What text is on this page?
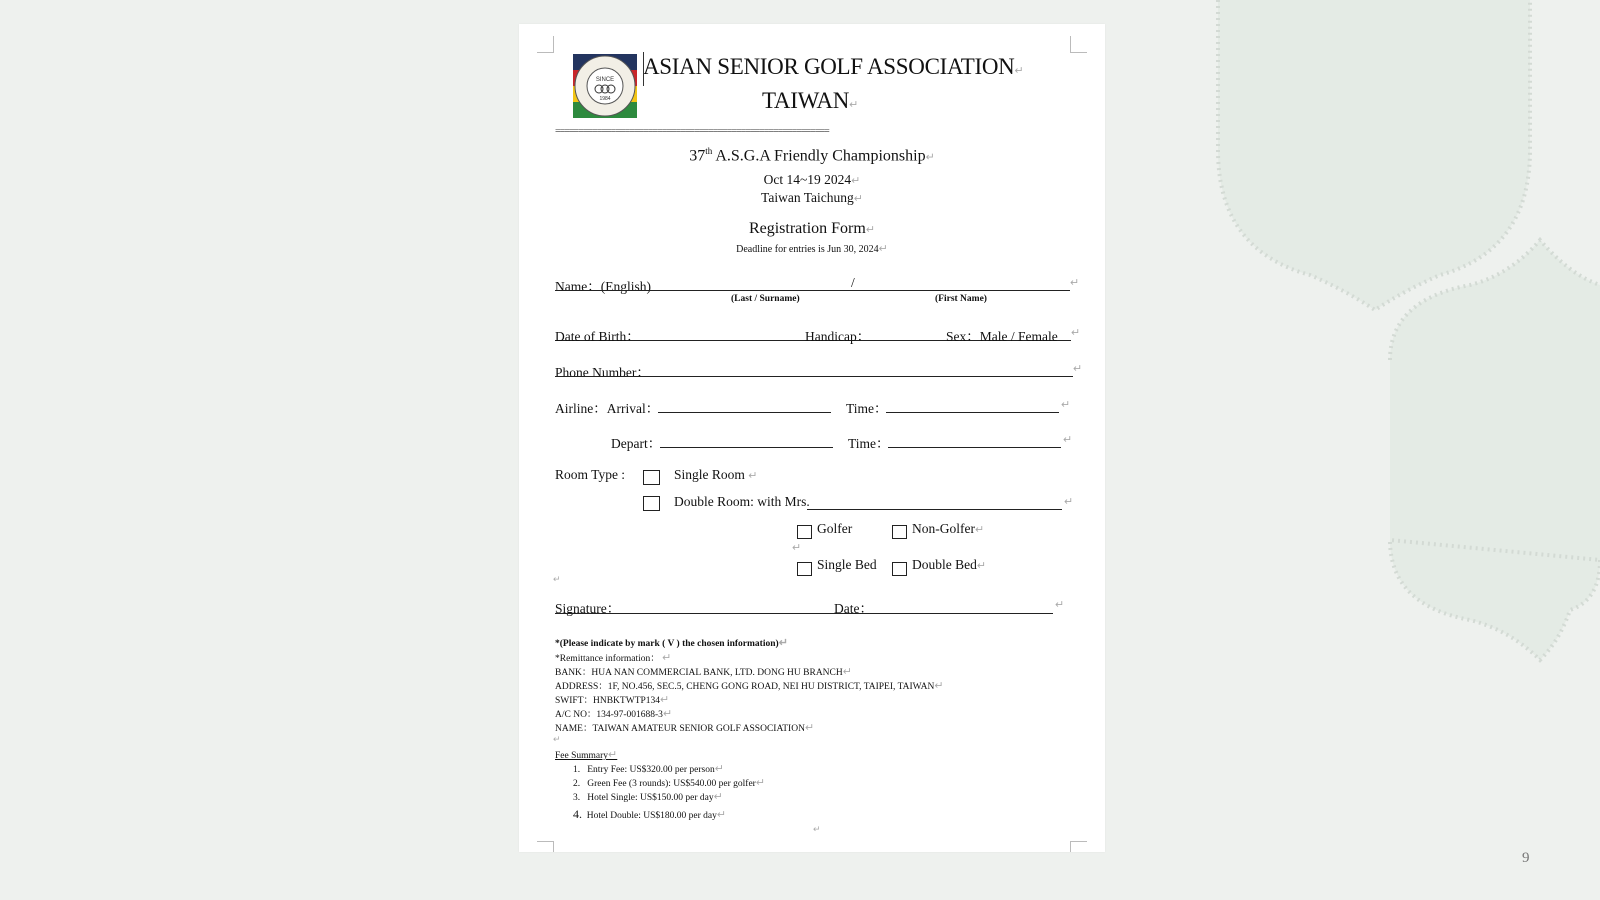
9
SINCE
1984
ASIAN SENIOR GOLF ASSOCIATION↵
TAIWAN↵
===========================================================
37th A.S.G.A Friendly Championship↵
Oct 14~19 2024↵
Taiwan Taichung↵
Registration Form↵
Deadline for entries is Jun 30, 2024↵
Name：(English)	/	↵
(Last / Surname)	(First Name)
Date of Birth：	Handicap：	Sex：Male / Female ↵
Phone Number：	↵
Airline：Arrival：	Time：	↵
Depart：	Time：	↵
Room Type :	Single Room ↵
Double Room: with Mrs.	↵
Golfer	Non-Golfer↵
↵
Single Bed	Double Bed↵
↵
Signature：	Date：	↵
*(Please indicate by mark ( V ) the chosen information)↵
*Remittance information： ↵
BANK：HUA NAN COMMERCIAL BANK, LTD. DONG HU BRANCH↵
ADDRESS：1F, NO.456, SEC.5, CHENG GONG ROAD, NEI HU DISTRICT, TAIPEI, TAIWAN↵
SWIFT：HNBKTWTP134↵
A/C NO：134-97-001688-3↵
NAME：TAIWAN AMATEUR SENIOR GOLF ASSOCIATION↵
↵
Fee Summary↵
1. Entry Fee: US$320.00 per person↵
2. Green Fee (3 rounds): US$540.00 per golfer↵
3. Hotel Single: US$150.00 per day↵
4. Hotel Double: US$180.00 per day↵
↵
